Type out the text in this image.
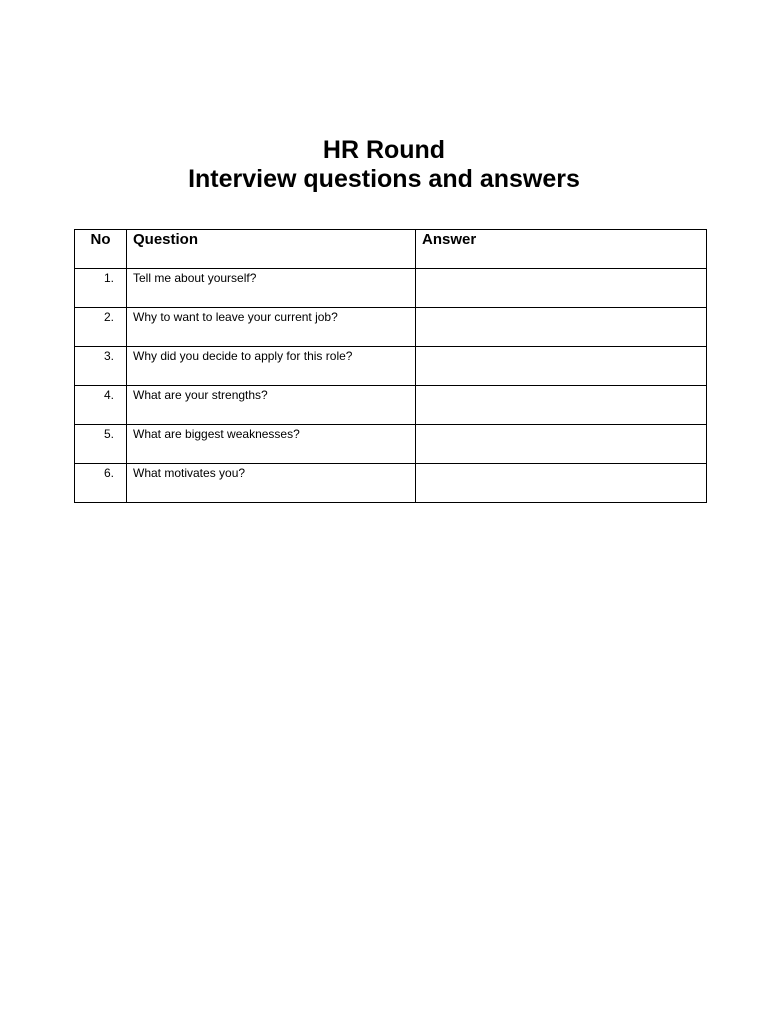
HR Round

Interview questions and answers

No	Question	Answer
1.	Tell me about yourself?	
2.	Why to want to leave your current job?	
3.	Why did you decide to apply for this role?	
4.	What are your strengths?	
5.	What are biggest weaknesses?	
6.	What motivates you?	
